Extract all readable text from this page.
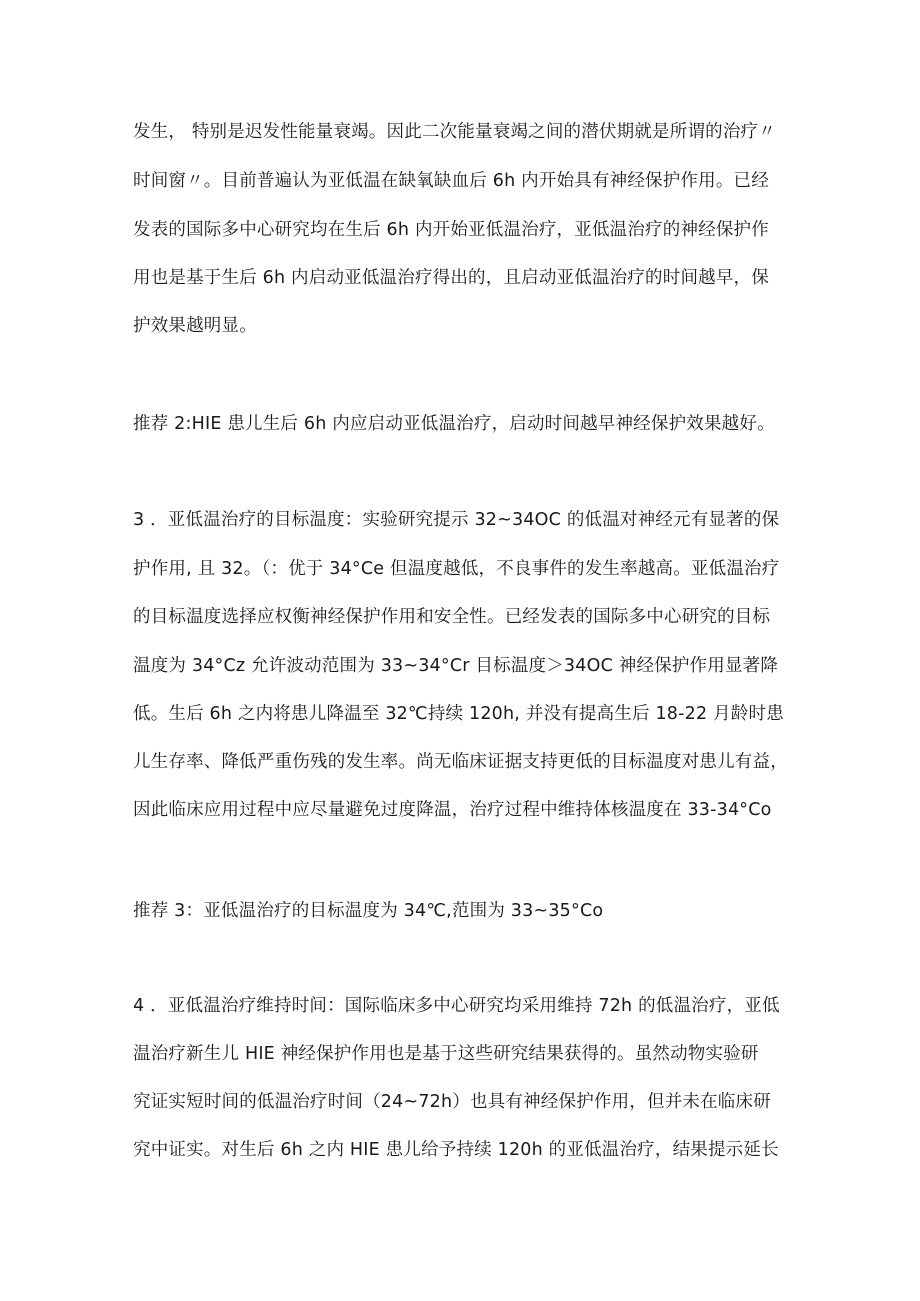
发生， 特别是迟发性能量衰竭。因此二次能量衰竭之间的潜伏期就是所谓的治疗〃
时间窗〃。目前普遍认为亚低温在缺氧缺血后 6h 内开始具有神经保护作用。已经
发表的国际多中心研究均在生后 6h 内开始亚低温治疗，亚低温治疗的神经保护作
用也是基于生后 6h 内启动亚低温治疗得出的，且启动亚低温治疗的时间越早，保
护效果越明显。
推荐 2:HIE 患儿生后 6h 内应启动亚低温治疗，启动时间越早神经保护效果越好。
3 ．亚低温治疗的目标温度：实验研究提示 32~34OC 的低温对神经元有显著的保
护作用, 且 32。（：优于 34°Ce 但温度越低，不良事件的发生率越高。亚低温治疗
的目标温度选择应权衡神经保护作用和安全性。已经发表的国际多中心研究的目标
温度为 34°Cz 允许波动范围为 33~34°Cr 目标温度＞34OC 神经保护作用显著降
低。生后 6h 之内将患儿降温至 32℃持续 120h, 并没有提高生后 18-22 月龄时患
儿生存率、降低严重伤残的发生率。尚无临床证据支持更低的目标温度对患儿有益，
因此临床应用过程中应尽量避免过度降温，治疗过程中维持体核温度在 33-34°Co
推荐 3：亚低温治疗的目标温度为 34℃,范围为 33~35°Co
4 ．亚低温治疗维持时间：国际临床多中心研究均采用维持 72h 的低温治疗，亚低
温治疗新生儿 HIE 神经保护作用也是基于这些研究结果获得的。虽然动物实验研
究证实短时间的低温治疗时间（24~72h）也具有神经保护作用，但并未在临床研
究中证实。对生后 6h 之内 HIE 患儿给予持续 120h 的亚低温治疗，结果提示延长
